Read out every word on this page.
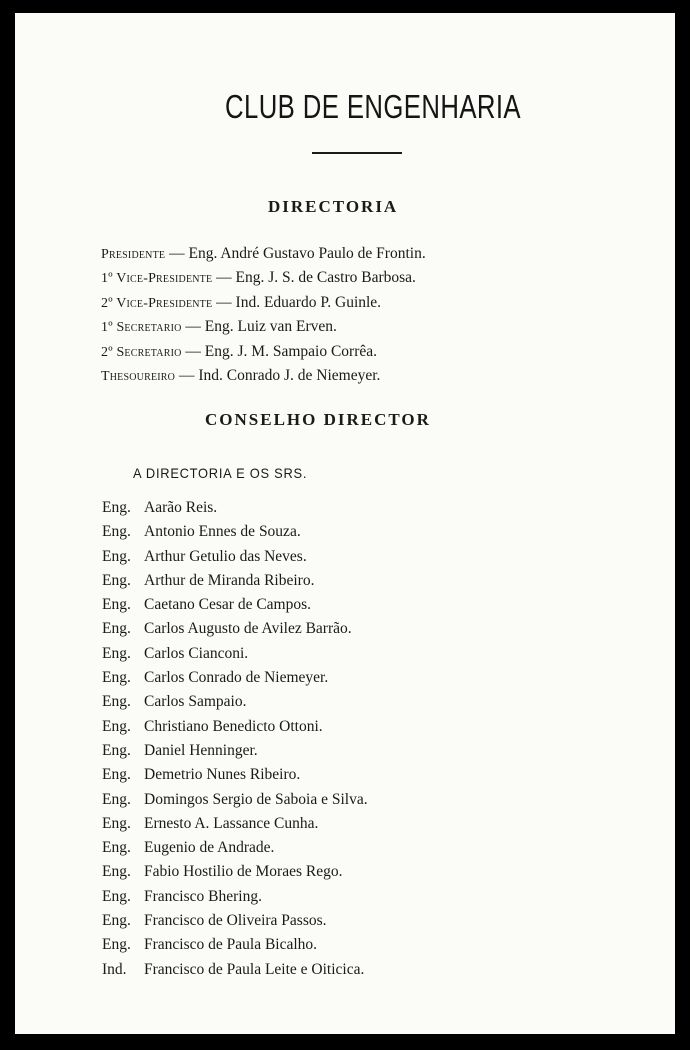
CLUB DE ENGENHARIA
DIRECTORIA
Presidente — Eng. André Gustavo Paulo de Frontin.
1º Vice-Presidente — Eng. J. S. de Castro Barbosa.
2º Vice-Presidente — Ind. Eduardo P. Guinle.
1º Secretario — Eng. Luiz van Erven.
2º Secretario — Eng. J. M. Sampaio Corrêa.
Thesoureiro — Ind. Conrado J. de Niemeyer.
CONSELHO DIRECTOR
A DIRECTORIA E OS SRS.
Eng. Aarão Reis.
Eng. Antonio Ennes de Souza.
Eng. Arthur Getulio das Neves.
Eng. Arthur de Miranda Ribeiro.
Eng. Caetano Cesar de Campos.
Eng. Carlos Augusto de Avilez Barrão.
Eng. Carlos Cianconi.
Eng. Carlos Conrado de Niemeyer.
Eng. Carlos Sampaio.
Eng. Christiano Benedicto Ottoni.
Eng. Daniel Henninger.
Eng. Demetrio Nunes Ribeiro.
Eng. Domingos Sergio de Saboia e Silva.
Eng. Ernesto A. Lassance Cunha.
Eng. Eugenio de Andrade.
Eng. Fabio Hostilio de Moraes Rego.
Eng. Francisco Bhering.
Eng. Francisco de Oliveira Passos.
Eng. Francisco de Paula Bicalho.
Ind. Francisco de Paula Leite e Oiticica.
